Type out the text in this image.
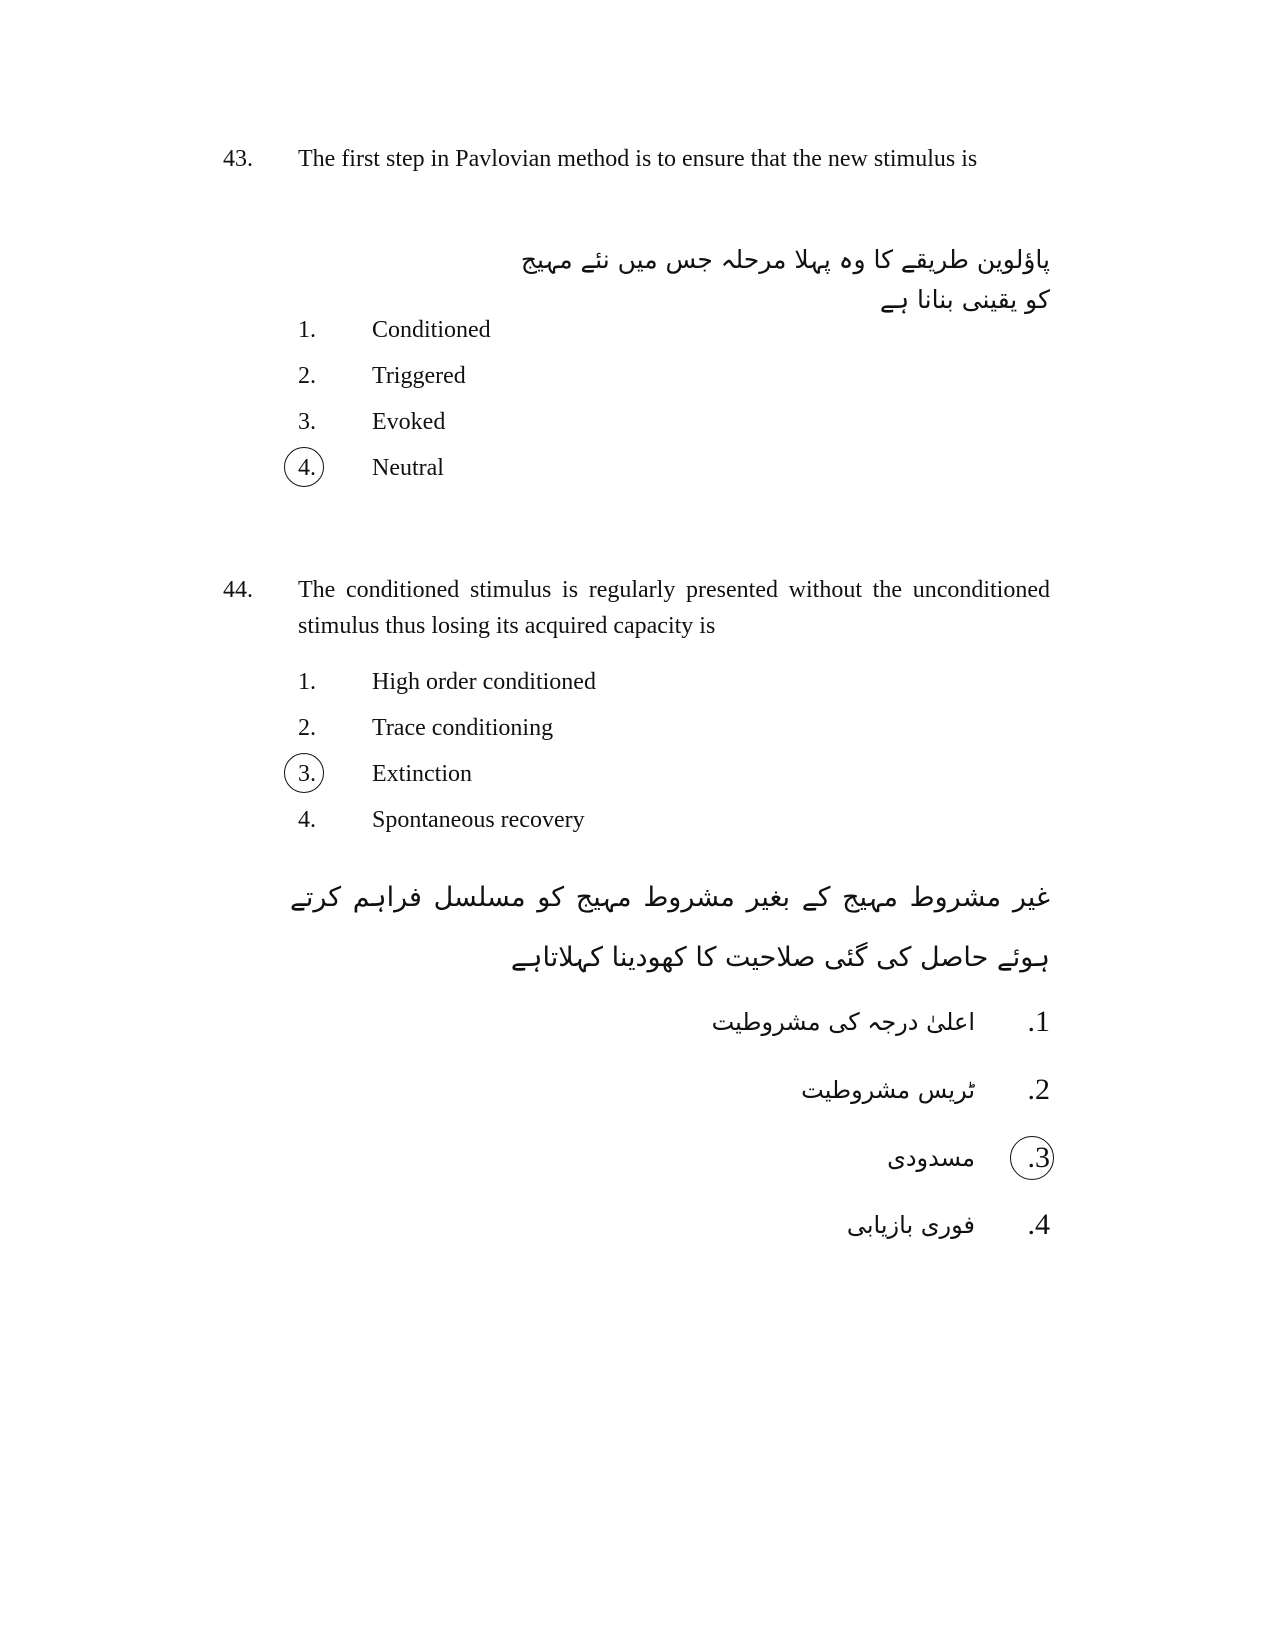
43. The first step in Pavlovian method is to ensure that the new stimulus is
پاؤلوین طریقے کا وہ پہلا مرحلہ جس میں نئے مہیج کو یقینی بنانا ہے
1.	Conditioned
2.	Triggered
3.	Evoked
4.	Neutral
44. The conditioned stimulus is regularly presented without the unconditioned stimulus thus losing its acquired capacity is
1.	High order conditioned
2.	Trace conditioning
3.	Extinction
4.	Spontaneous recovery
غیر مشروط مہیج کے بغیر مشروط مہیج کو مسلسل فراہم کرتے ہوئے حاصل کی گئی صلاحیت کا کھودینا کہلاتاہے
.1
اعلیٰ درجہ کی مشروطیت
.2
ٹریس مشروطیت
.3
مسدودی
.4
فوری بازیابی
